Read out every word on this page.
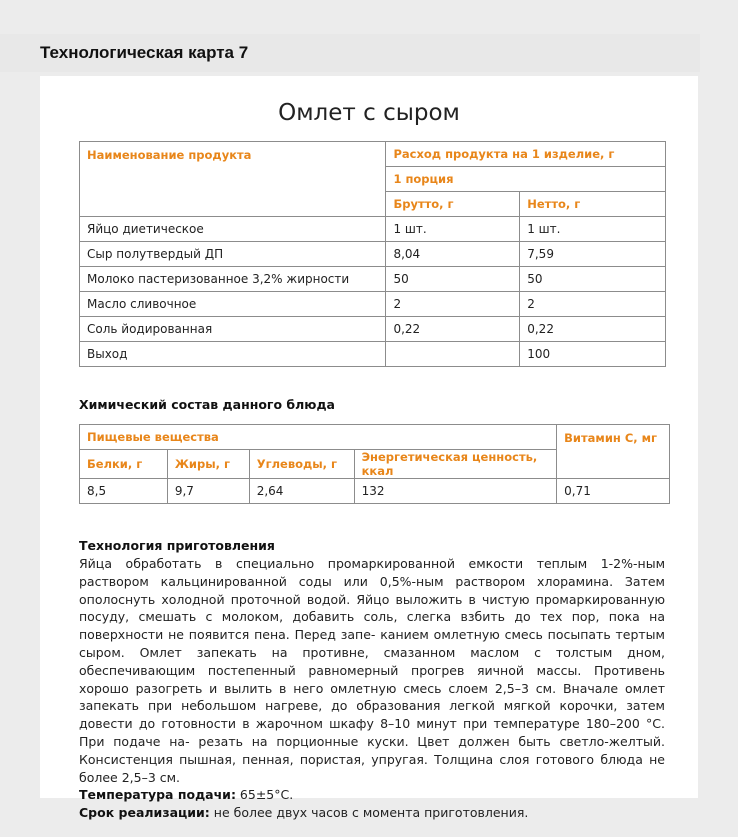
Технологическая карта 7
Омлет с сыром
Наименование продукта	Расход продукта на 1 изделие, г	
	1 порция	
	Брутто, г	Нетто, г
Яйцо диетическое	1 шт.	1 шт.
Сыр полутвердый ДП	8,04	7,59
Молоко пастеризованное 3,2% жирности	50	50
Масло сливочное	2	2
Соль йодированная	0,22	0,22
Выход		100
Химический состав данного блюда
Пищевые вещества				Витамин С, мг
Белки, г	Жиры, г	Углеводы, г	Энергетическая ценность, ккал	
8,5	9,7	2,64	132	0,71
Технология приготовления

Яйца обработать в специально промаркированной емкости теплым 1-2%-ным раствором кальцинированной соды или 0,5%-ным раствором хлорамина. Затем ополоснуть холодной проточной водой. Яйцо выложить в чистую промаркированную посуду, смешать с молоком, добавить соль, слегка взбить до тех пор, пока на поверхности не появится пена. Перед запе- канием омлетную смесь посыпать тертым сыром. Омлет запекать на противне, смазанном маслом с толстым дном, обеспечивающим постепенный равномерный прогрев яичной массы. Противень хорошо разогреть и вылить в него омлетную смесь слоем 2,5–3 см. Вначале омлет запекать при небольшом нагреве, до образования легкой мягкой корочки, затем довести до готовности в жарочном шкафу 8–10 минут при температуре 180–200 °С. При подаче на- резать на порционные куски. Цвет должен быть светло-желтый. Консистенция пышная, пенная, пористая, упругая. Толщина слоя готового блюда не более 2,5–3 см.

Температура подачи: 65±5°С.

Срок реализации: не более двух часов с момента приготовления.
